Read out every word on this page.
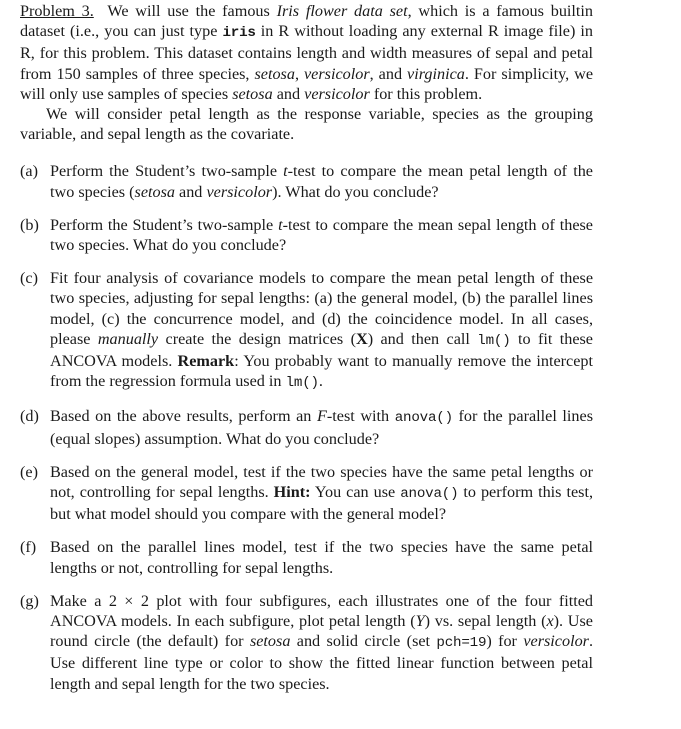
Problem 3. We will use the famous Iris flower data set, which is a famous builtin dataset (i.e., you can just type iris in R without loading any external R image file) in R, for this problem. This dataset contains length and width measures of sepal and petal from 150 samples of three species, setosa, versicolor, and virginica. For simplicity, we will only use samples of species setosa and versicolor for this problem.

We will consider petal length as the response variable, species as the grouping variable, and sepal length as the covariate.

(a) Perform the Student’s two-sample t-test to compare the mean petal length of the two species (setosa and versicolor). What do you conclude?
(b) Perform the Student’s two-sample t-test to compare the mean sepal length of these two species. What do you conclude?
(c) Fit four analysis of covariance models to compare the mean petal length of these two species, adjusting for sepal lengths: (a) the general model, (b) the parallel lines model, (c) the concurrence model, and (d) the coincidence model. In all cases, please manually create the design matrices (X) and then call lm() to fit these ANCOVA models. Remark: You probably want to manually remove the intercept from the regression formula used in lm().
(d) Based on the above results, perform an F-test with anova() for the parallel lines (equal slopes) assumption. What do you conclude?
(e) Based on the general model, test if the two species have the same petal lengths or not, controlling for sepal lengths. Hint: You can use anova() to perform this test, but what model should you compare with the general model?
(f) Based on the parallel lines model, test if the two species have the same petal lengths or not, controlling for sepal lengths.
(g) Make a 2 × 2 plot with four subfigures, each illustrates one of the four fitted ANCOVA models. In each subfigure, plot petal length (Y) vs. sepal length (x). Use round circle (the default) for setosa and solid circle (set pch=19) for versicolor. Use different line type or color to show the fitted linear function between petal length and sepal length for the two species.
